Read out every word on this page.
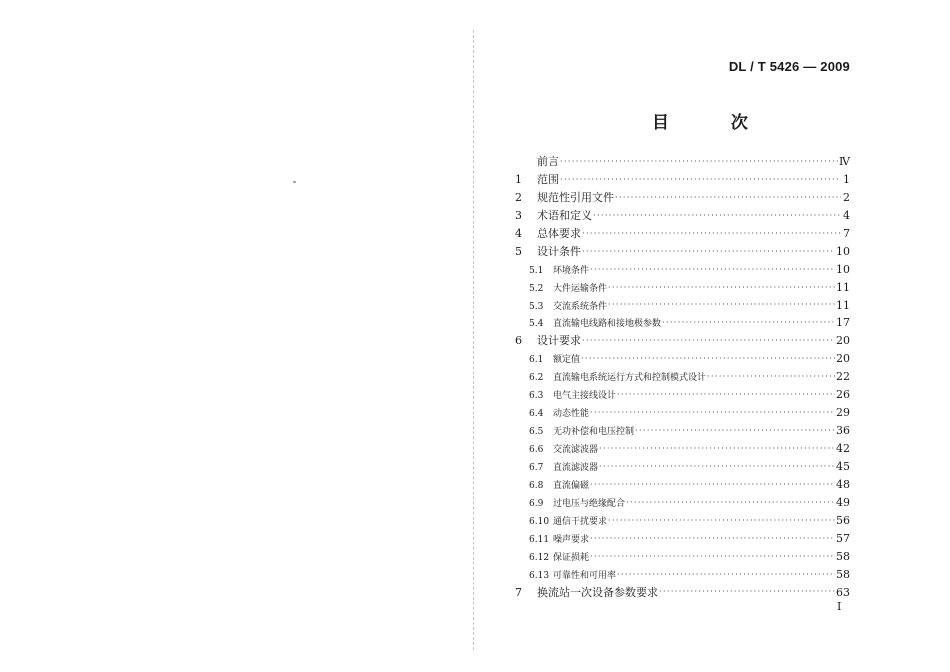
DL / T 5426 — 2009
目 次
前言 ·····	Ⅳ
1	范围 ·····	1
2	规范性引用文件 ·····	2
3	术语和定义 ·····	4
4	总体要求 ·····	7
5	设计条件 ·····	10
5.1	环境条件 ·····	10
5.2	大件运输条件 ·····	11
5.3	交流系统条件 ·····	11
5.4	直流输电线路和接地极参数 ·····	17
6	设计要求 ·····	20
6.1	额定值 ·····	20
6.2	直流输电系统运行方式和控制模式设计 ·····	22
6.3	电气主接线设计 ·····	26
6.4	动态性能 ·····	29
6.5	无功补偿和电压控制 ·····	36
6.6	交流滤波器 ·····	42
6.7	直流滤波器 ·····	45
6.8	直流偏磁 ·····	48
6.9	过电压与绝缘配合 ·····	49
6.10 通信干扰要求 ·····	56
6.11 噪声要求 ·····	57
6.12 保证损耗 ·····	58
6.13 可靠性和可用率 ·····	58
7	换流站一次设备参数要求 ·····	63
I
